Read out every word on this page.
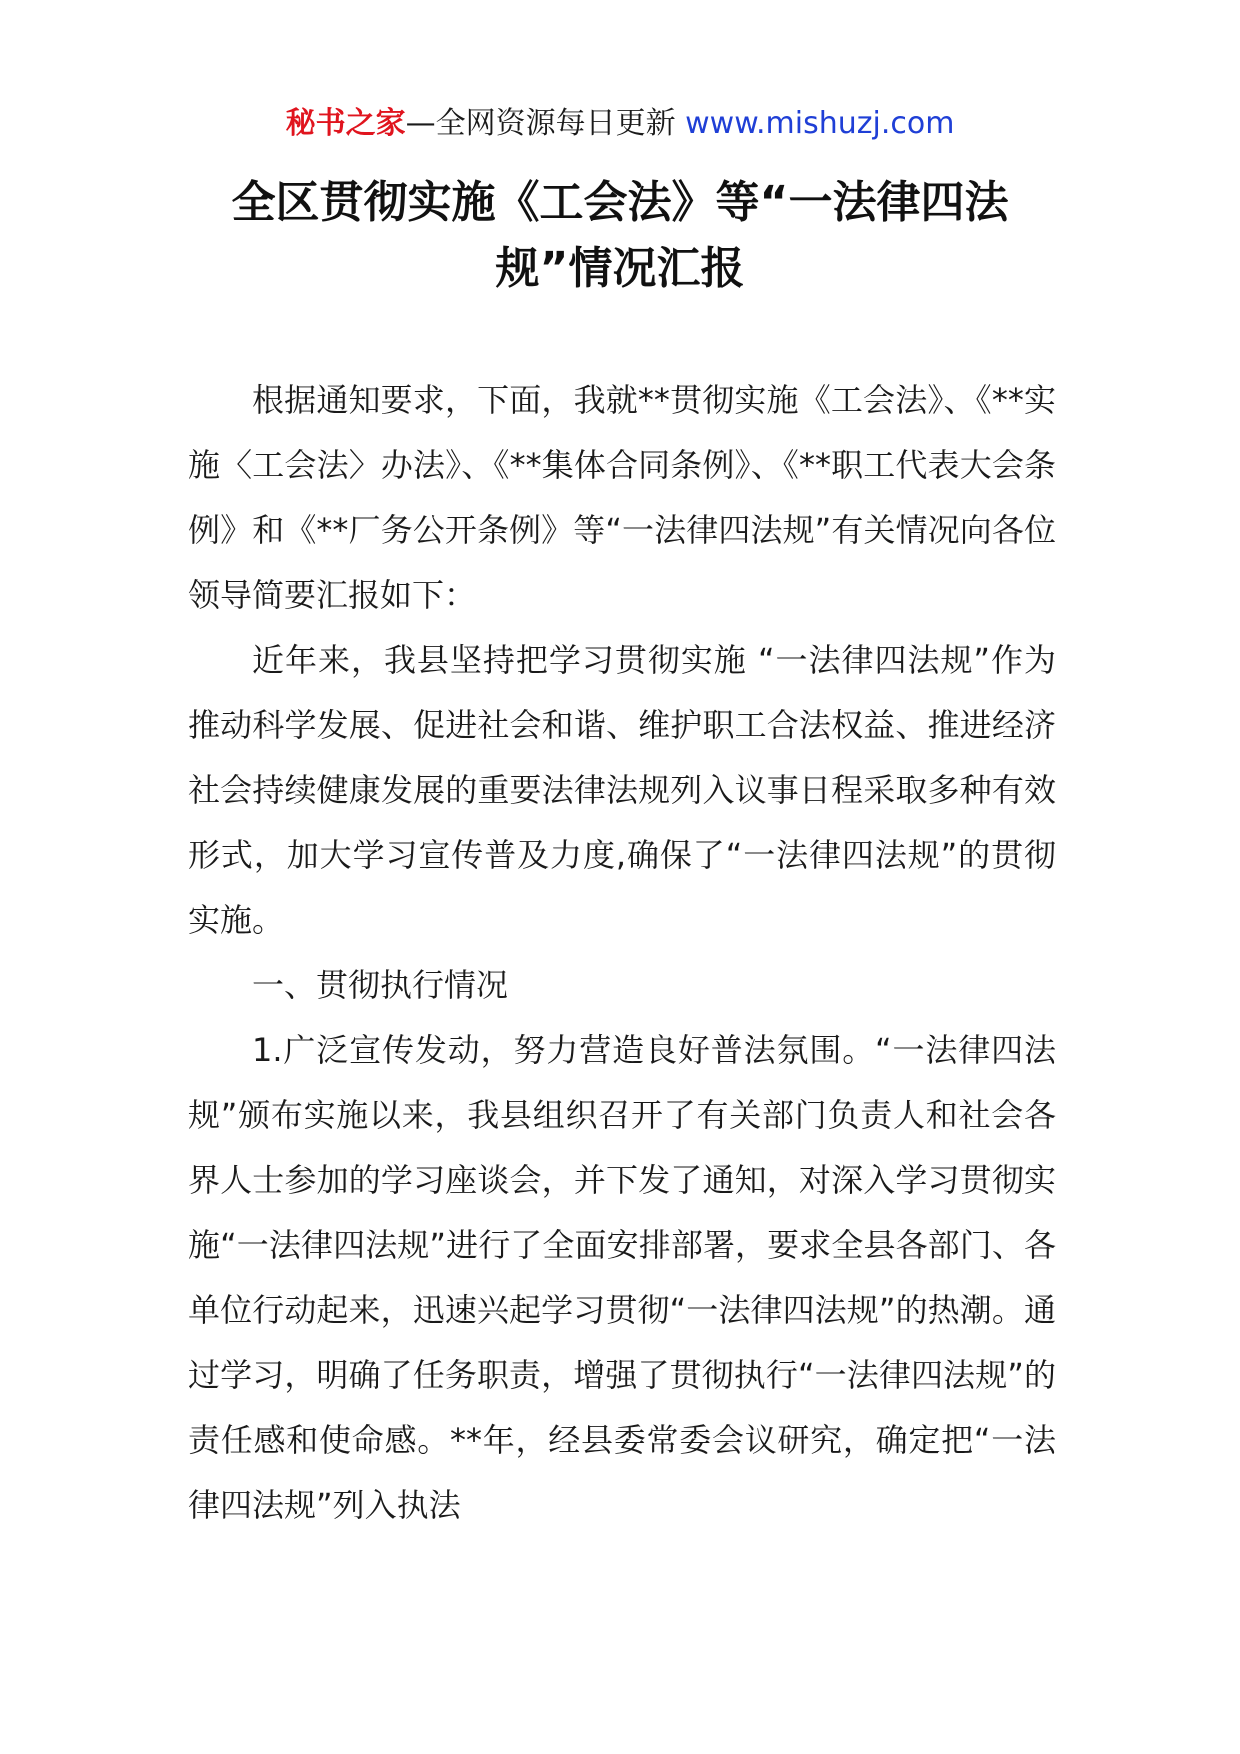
秘书之家—全网资源每日更新 www.mishuzj.com
全区贯彻实施《工会法》等“一法律四法规”情况汇报

根据通知要求，下面，我就**贯彻实施《工会法》、《**实施〈工会法〉办法》、《**集体合同条例》、《**职工代表大会条例》和《**厂务公开条例》等“一法律四法规”有关情况向各位领导简要汇报如下：

近年来，我县坚持把学习贯彻实施 “一法律四法规”作为推动科学发展、促进社会和谐、维护职工合法权益、推进经济社会持续健康发展的重要法律法规列入议事日程采取多种有效形式，加大学习宣传普及力度,确保了“一法律四法规”的贯彻实施。

一、贯彻执行情况

1.广泛宣传发动，努力营造良好普法氛围。“一法律四法规”颁布实施以来，我县组织召开了有关部门负责人和社会各界人士参加的学习座谈会，并下发了通知，对深入学习贯彻实施“一法律四法规”进行了全面安排部署，要求全县各部门、各单位行动起来，迅速兴起学习贯彻“一法律四法规”的热潮。通过学习，明确了任务职责，增强了贯彻执行“一法律四法规”的责任感和使命感。**年，经县委常委会议研究，确定把“一法律四法规”列入执法
